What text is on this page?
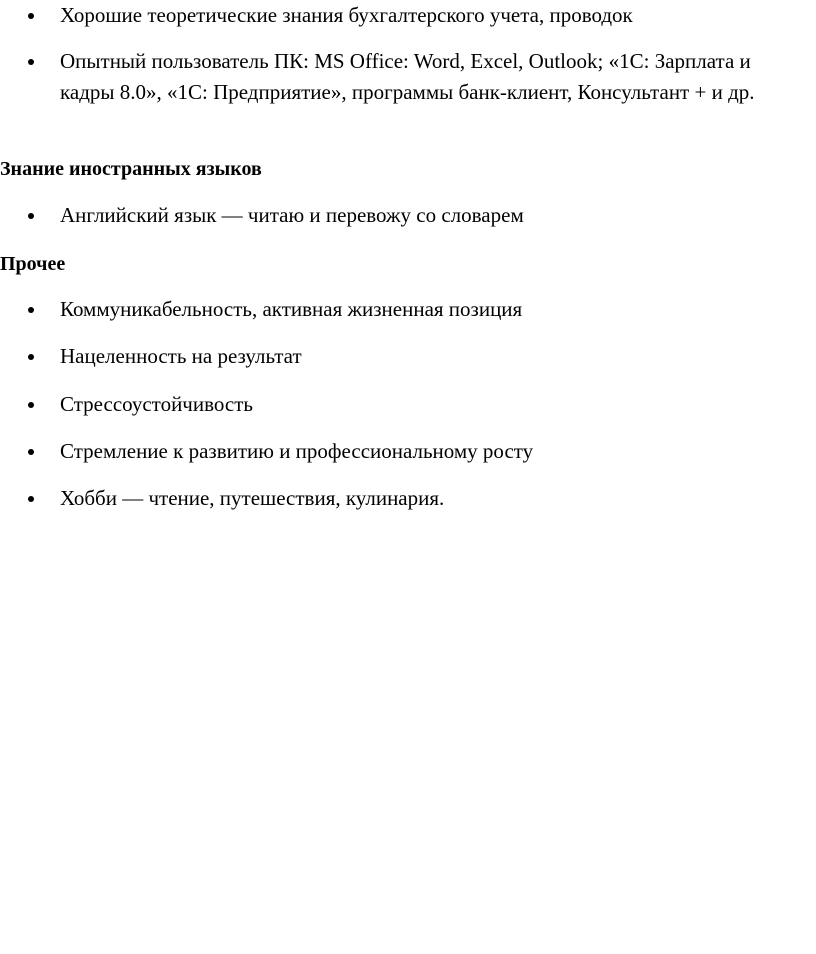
Хорошие теоретические знания бухгалтерского учета, проводок
Опытный пользователь ПК: MS Office: Word, Excel, Outlook; «1С: Зарплата и кадры 8.0», «1С: Предприятие», программы банк-клиент, Консультант + и др.
Знание иностранных языков
Английский язык — читаю и перевожу со словарем
Прочее
Коммуникабельность, активная жизненная позиция
Нацеленность на результат
Стрессоустойчивость
Стремление к развитию и профессиональному росту
Хобби — чтение, путешествия, кулинария.
